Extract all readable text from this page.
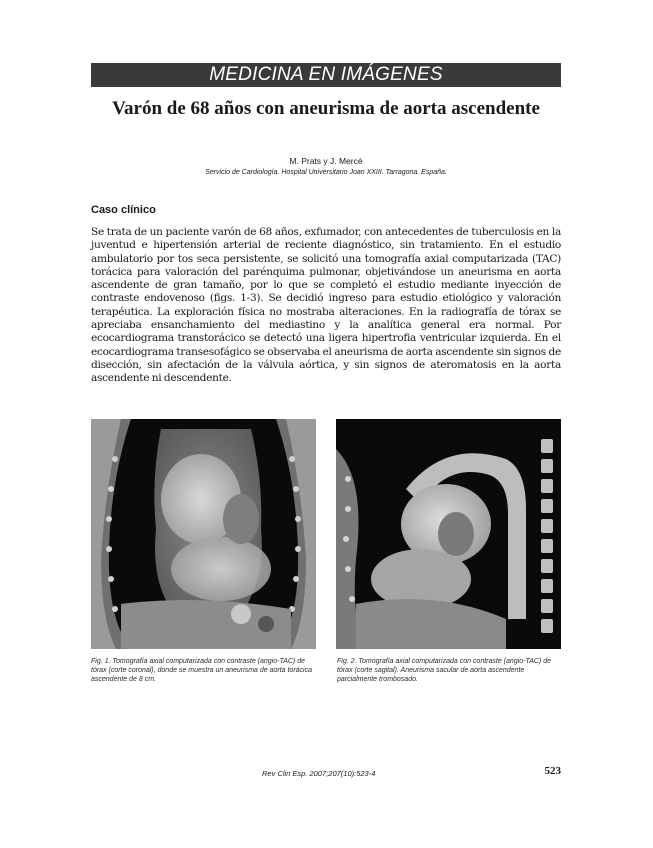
MEDICINA EN IMÁGENES
Varón de 68 años con aneurisma de aorta ascendente
M. Prats y J. Mercè
Servicio de Cardiología. Hospital Universitario Joan XXIII. Tarragona. España.
Caso clínico
Se trata de un paciente varón de 68 años, exfumador, con antecedentes de tuberculosis en la juventud e hipertensión arterial de reciente diagnóstico, sin tratamiento. En el estudio ambulatorio por tos seca persistente, se solicitó una tomografía axial computarizada (TAC) torácica para valoración del parénquima pulmonar, objetivándose un aneurisma en aorta ascendente de gran tamaño, por lo que se completó el estudio mediante inyección de contraste endovenoso (figs. 1-3). Se decidió ingreso para estudio etiológico y valoración terapéutica. La exploración física no mostraba alteraciones. En la radiografía de tórax se apreciaba ensanchamiento del mediastino y la analítica general era normal. Por ecocardiograma transtorácico se detectó una ligera hipertrofia ventricular izquierda. En el ecocardiograma transesofágico se observaba el aneurisma de aorta ascendente sin signos de disección, sin afectación de la válvula aórtica, y sin signos de ateromatosis en la aorta ascendente ni descendente.
Fig. 1. Tomografía axial computarizada con contraste (angio-TAC) de tórax (corte coronal), donde se muestra un aneurisma de aorta torácica ascendente de 8 cm.
Fig. 2. Tomografía axial computarizada con contraste (angio-TAC) de tórax (corte sagital). Aneurisma sacular de aorta ascendente parcialmente trombosado.
Rev Clin Esp. 2007;207(10):523-4	523
